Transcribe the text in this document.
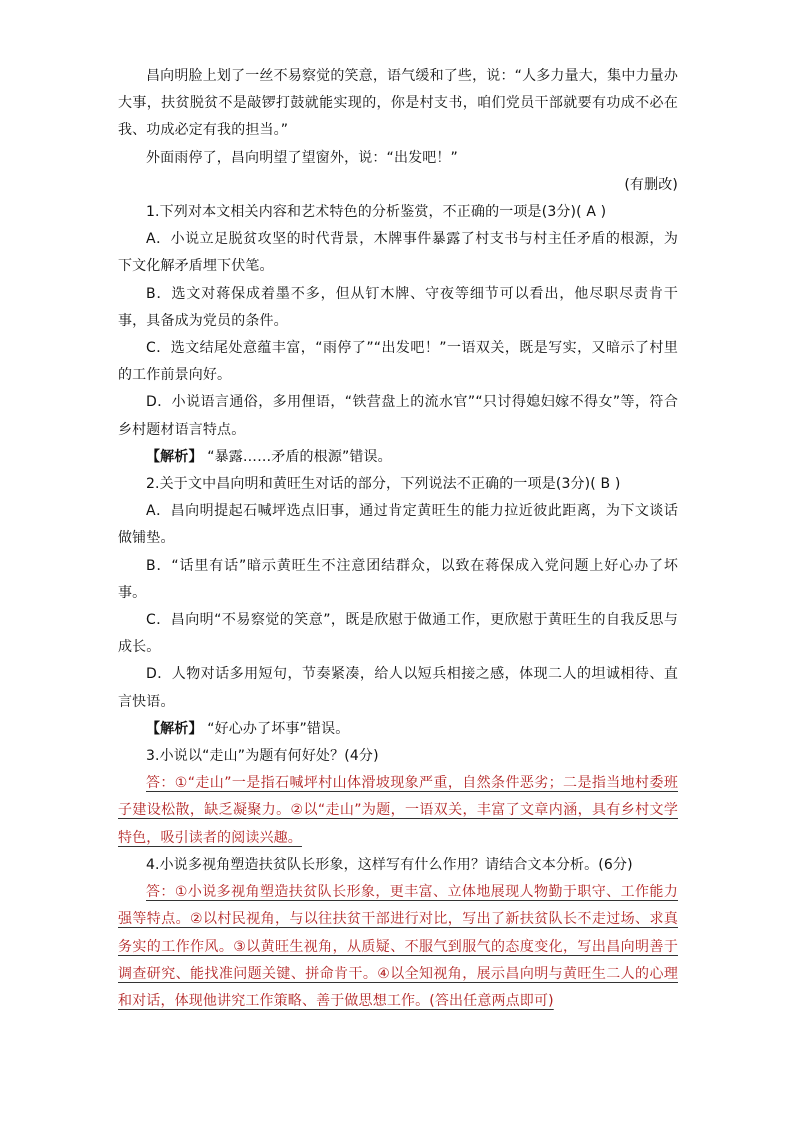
昌向明脸上划了一丝不易察觉的笑意，语气缓和了些，说：“人多力量大，集中力量办大事，扶贫脱贫不是敲锣打鼓就能实现的，你是村支书，咱们党员干部就要有功成不必在我、功成必定有我的担当。”

外面雨停了，昌向明望了望窗外，说：“出发吧！”

(有删改)

1.下列对本文相关内容和艺术特色的分析鉴赏，不正确的一项是(3分)( A )

A．小说立足脱贫攻坚的时代背景，木牌事件暴露了村支书与村主任矛盾的根源，为下文化解矛盾埋下伏笔。

B．选文对蒋保成着墨不多，但从钉木牌、守夜等细节可以看出，他尽职尽责肯干事，具备成为党员的条件。

C．选文结尾处意蕴丰富，“雨停了”“出发吧！”一语双关，既是写实，又暗示了村里的工作前景向好。

D．小说语言通俗，多用俚语，“铁营盘上的流水官”“只讨得媳妇嫁不得女”等，符合乡村题材语言特点。

【解析】 “暴露……矛盾的根源”错误。

2.关于文中昌向明和黄旺生对话的部分，下列说法不正确的一项是(3分)( B )

A．昌向明提起石喊坪选点旧事，通过肯定黄旺生的能力拉近彼此距离，为下文谈话做铺垫。

B．“话里有话”暗示黄旺生不注意团结群众，以致在蒋保成入党问题上好心办了坏事。

C．昌向明“不易察觉的笑意”，既是欣慰于做通工作，更欣慰于黄旺生的自我反思与成长。

D．人物对话多用短句，节奏紧凑，给人以短兵相接之感，体现二人的坦诚相待、直言快语。

【解析】 “好心办了坏事”错误。

3.小说以“走山”为题有何好处？(4分)

答：①“走山”一是指石喊坪村山体滑坡现象严重，自然条件恶劣；二是指当地村委班子建设松散，缺乏凝聚力。②以“走山”为题，一语双关，丰富了文章内涵，具有乡村文学特色，吸引读者的阅读兴趣。

4.小说多视角塑造扶贫队长形象，这样写有什么作用？请结合文本分析。(6分)

答：①小说多视角塑造扶贫队长形象，更丰富、立体地展现人物勤于职守、工作能力强等特点。②以村民视角，与以往扶贫干部进行对比，写出了新扶贫队长不走过场、求真务实的工作作风。③以黄旺生视角，从质疑、不服气到服气的态度变化，写出昌向明善于调查研究、能找准问题关键、拼命肯干。④以全知视角，展示昌向明与黄旺生二人的心理和对话，体现他讲究工作策略、善于做思想工作。(答出任意两点即可)
